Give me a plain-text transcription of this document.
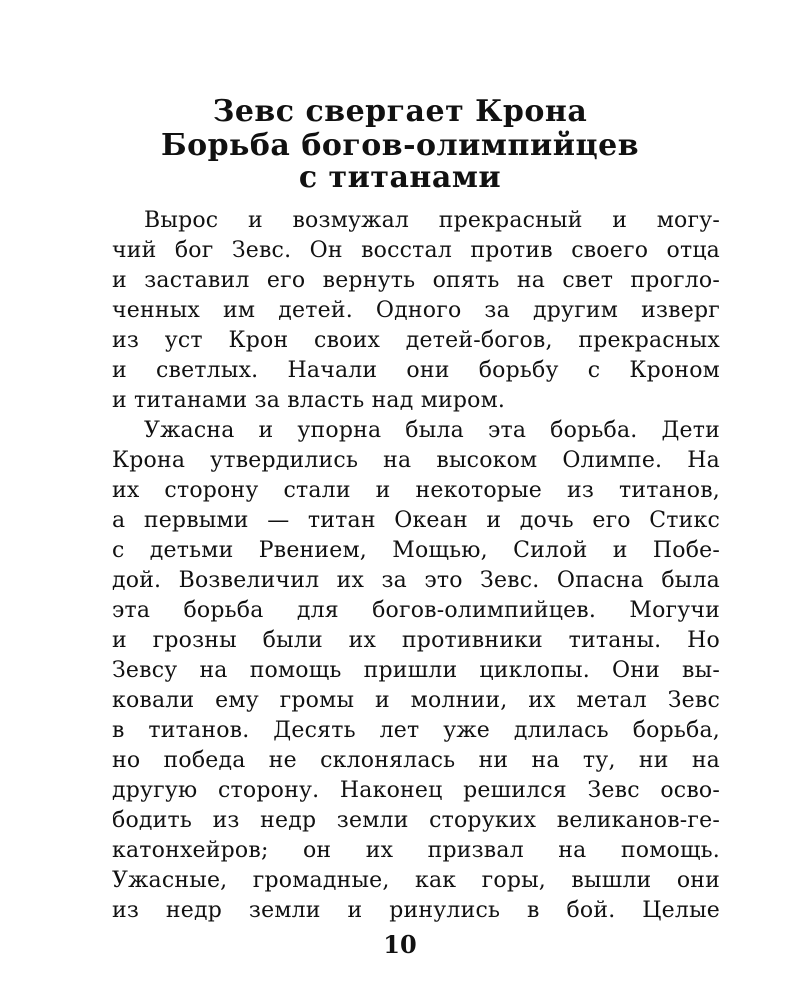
Зевс свергает Крона
Борьба богов-олимпийцев
с титанами
Вырос и возмужал прекрасный и могу-
чий бог Зевс. Он восстал против своего отца
и заставил его вернуть опять на свет прогло-
ченных им детей. Одного за другим изверг
из уст Крон своих детей-богов, прекрасных
и светлых. Начали они борьбу с Кроном
и титанами за власть над миром.
Ужасна и упорна была эта борьба. Дети
Крона утвердились на высоком Олимпе. На
их сторону стали и некоторые из титанов,
а первыми — титан Океан и дочь его Стикс
с детьми Рвением, Мощью, Силой и Побе-
дой. Возвеличил их за это Зевс. Опасна была
эта борьба для богов-олимпийцев. Могучи
и грозны были их противники титаны. Но
Зевсу на помощь пришли циклопы. Они вы-
ковали ему громы и молнии, их метал Зевс
в титанов. Десять лет уже длилась борьба,
но победа не склонялась ни на ту, ни на
другую сторону. Наконец решился Зевс осво-
бодить из недр земли сторуких великанов-ге-
катонхейров; он их призвал на помощь.
Ужасные, громадные, как горы, вышли они
из недр земли и ринулись в бой. Целые
10
